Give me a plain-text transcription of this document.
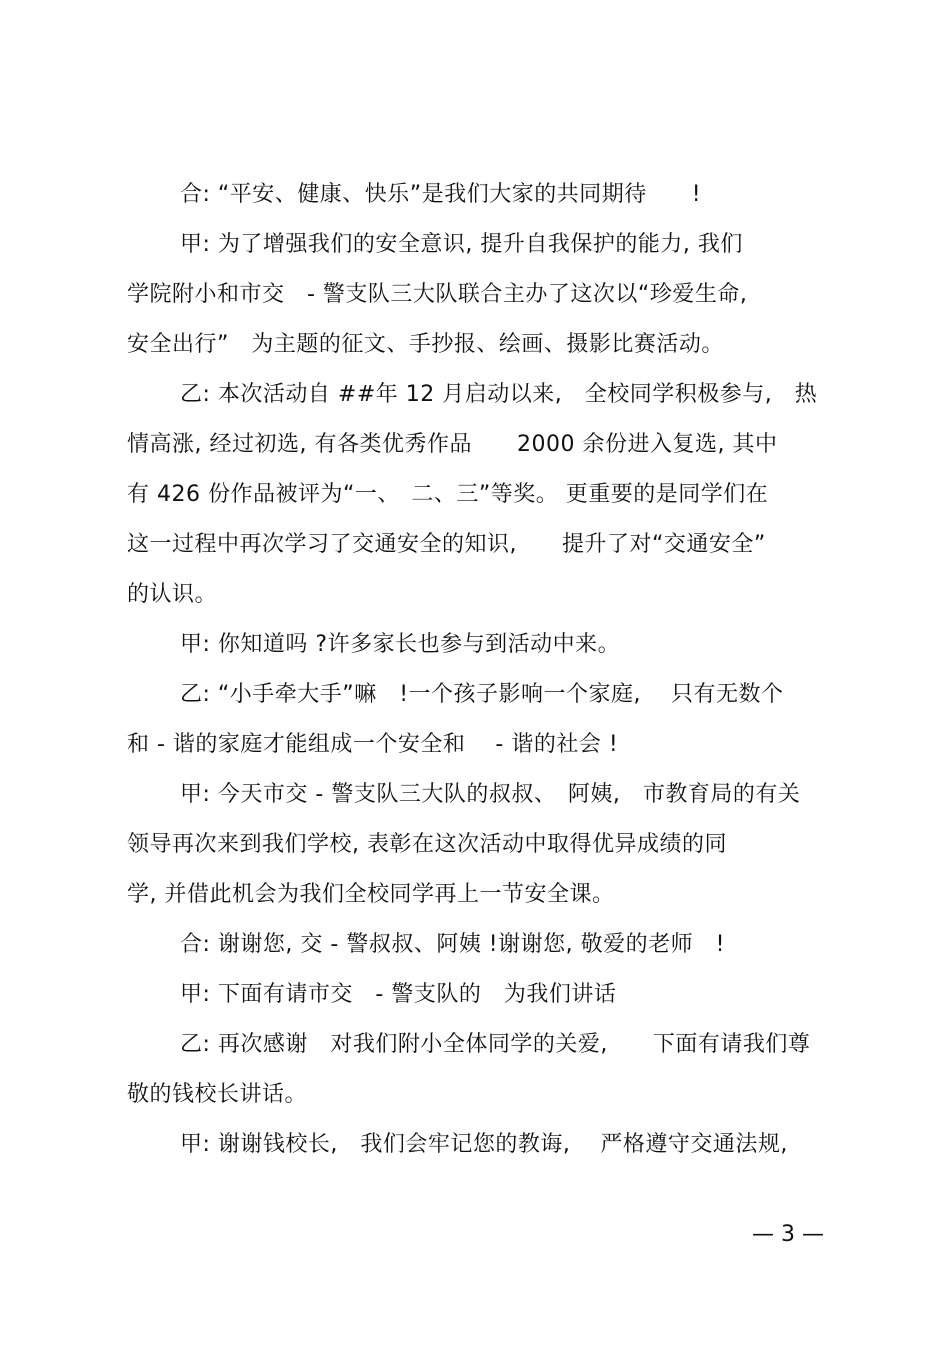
合: “平安、健康、快乐”是我们大家的共同期待　　!
甲: 为了增强我们的安全意识, 提升自我保护的能力, 我们
学院附小和市交　- 警支队三大队联合主办了这次以“珍爱生命,
安全出行”　为主题的征文、手抄报、绘画、摄影比赛活动。
乙: 本次活动自 ##年 12 月启动以来,　全校同学积极参与,　热
情高涨, 经过初选, 有各类优秀作品　　2000 余份进入复选, 其中
有 426 份作品被评为“一、　二、三”等奖。 更重要的是同学们在
这一过程中再次学习了交通安全的知识,　　提升了对“交通安全”
的认识。
甲: 你知道吗 ?许多家长也参与到活动中来。
乙: “小手牵大手”嘛　!一个孩子影响一个家庭,　 只有无数个
和 - 谐的家庭才能组成一个安全和　 - 谐的社会 !
甲: 今天市交 - 警支队三大队的叔叔、　阿姨,　市教育局的有关
领导再次来到我们学校, 表彰在这次活动中取得优异成绩的同
学, 并借此机会为我们全校同学再上一节安全课。
合: 谢谢您, 交 - 警叔叔、阿姨 !谢谢您, 敬爱的老师　!
甲: 下面有请市交　- 警支队的　为我们讲话
乙: 再次感谢　对我们附小全体同学的关爱,　　下面有请我们尊
敬的钱校长讲话。
甲: 谢谢钱校长,　我们会牢记您的教诲,　 严格遵守交通法规,
— 3 —
